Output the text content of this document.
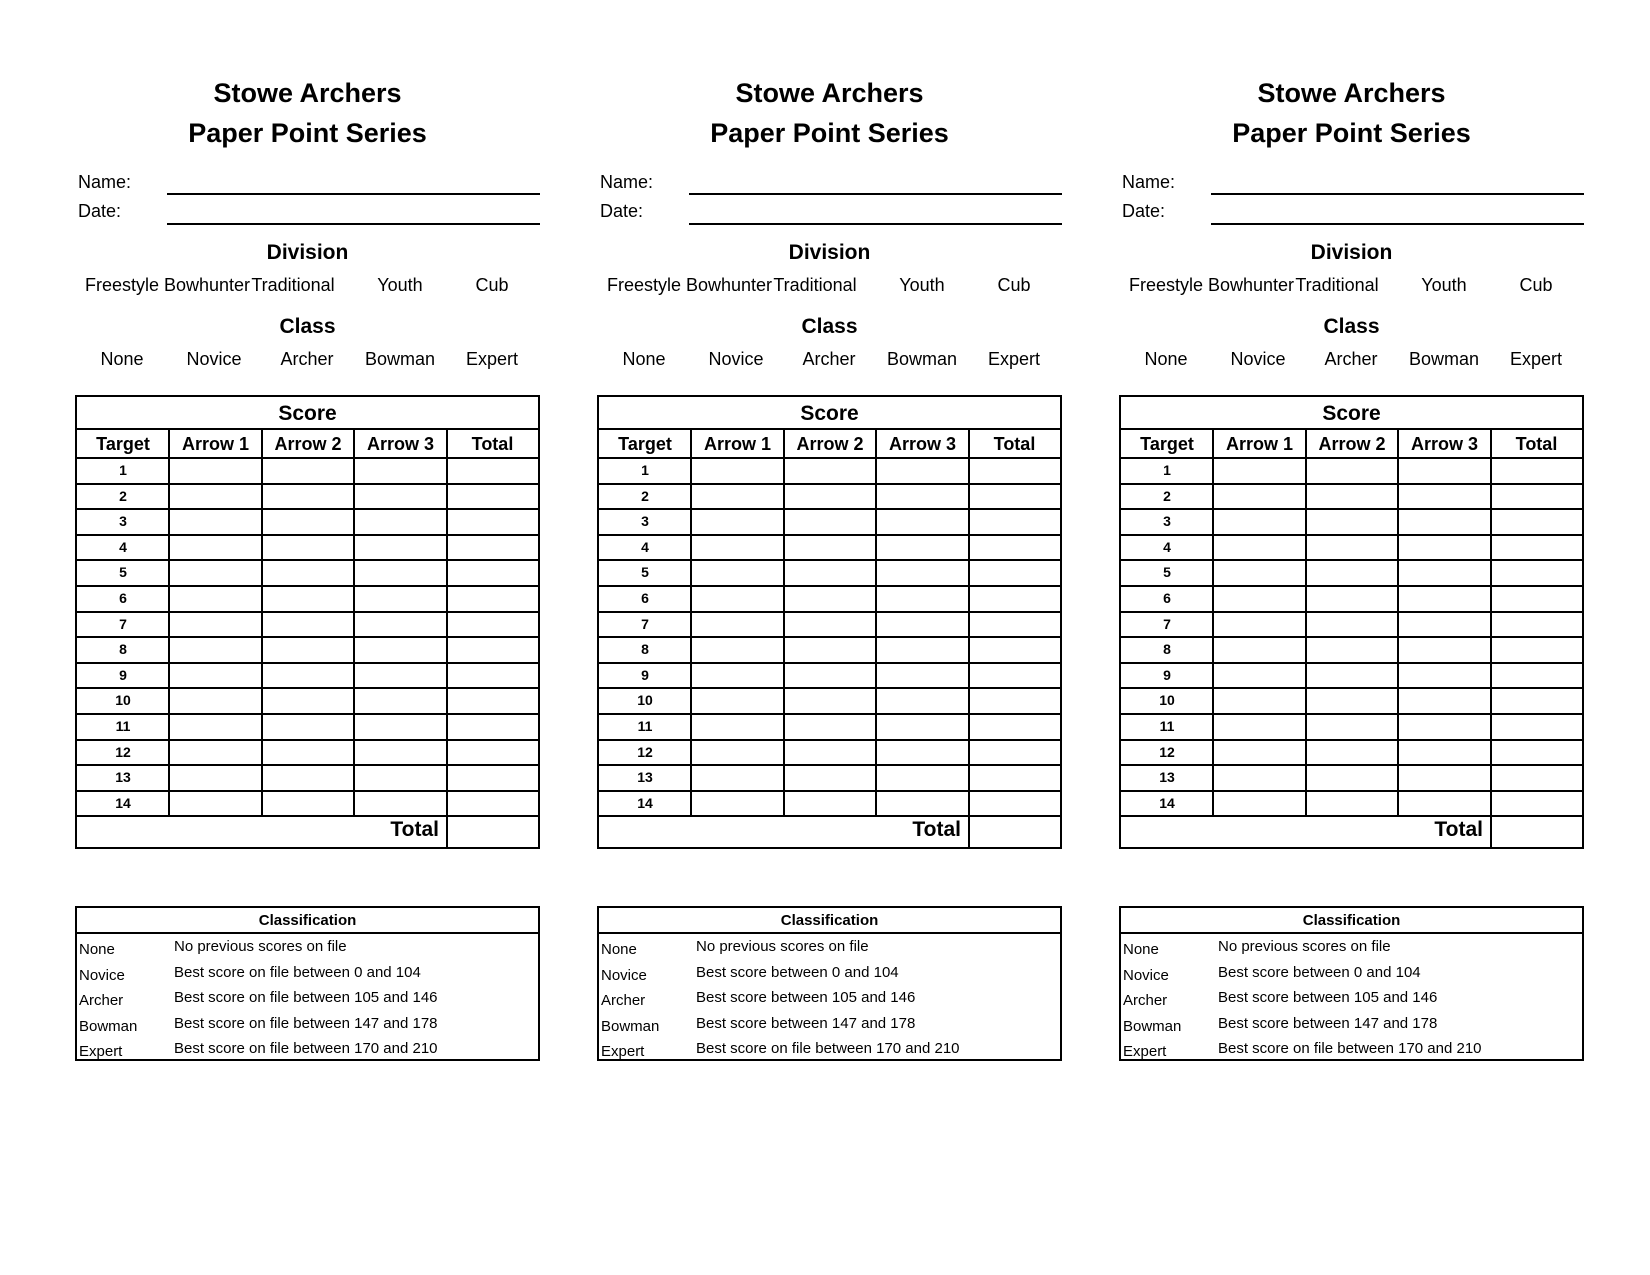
Stowe Archers
Paper Point Series
Name:
Date:
Division
Freestyle Bowhunter Traditional	Youth	Cub
Class
None	Novice	Archer	Bowman	Expert
Score
Target	Arrow 1	Arrow 2	Arrow 3	Total
1
2
3
4
5
6
7
8
9
10
11
12
13
14
Total
Classification
None	No previous scores on file
Novice	Best score on file between 0 and 104
Archer	Best score on file between 105 and 146
Bowman Best score on file between 147 and 178
Expert	Best score on file between 170 and 210
Stowe Archers
Paper Point Series
Name:
Date:
Division
Freestyle Bowhunter Traditional	Youth	Cub
Class
None	Novice	Archer	Bowman	Expert
Score
Target	Arrow 1	Arrow 2	Arrow 3	Total
1
2
3
4
5
6
7
8
9
10
11
12
13
14
Total
Classification
None	No previous scores on file
Novice	Best score between 0 and 104
Archer	Best score between 105 and 146
Bowman Best score between 147 and 178
Expert	Best score on file between 170 and 210
Stowe Archers
Paper Point Series
Name:
Date:
Division
Freestyle Bowhunter Traditional	Youth	Cub
Class
None	Novice	Archer	Bowman	Expert
Score
Target	Arrow 1	Arrow 2	Arrow 3	Total
1
2
3
4
5
6
7
8
9
10
11
12
13
14
Total
Classification
None	No previous scores on file
Novice	Best score between 0 and 104
Archer	Best score between 105 and 146
Bowman Best score between 147 and 178
Expert	Best score on file between 170 and 210
